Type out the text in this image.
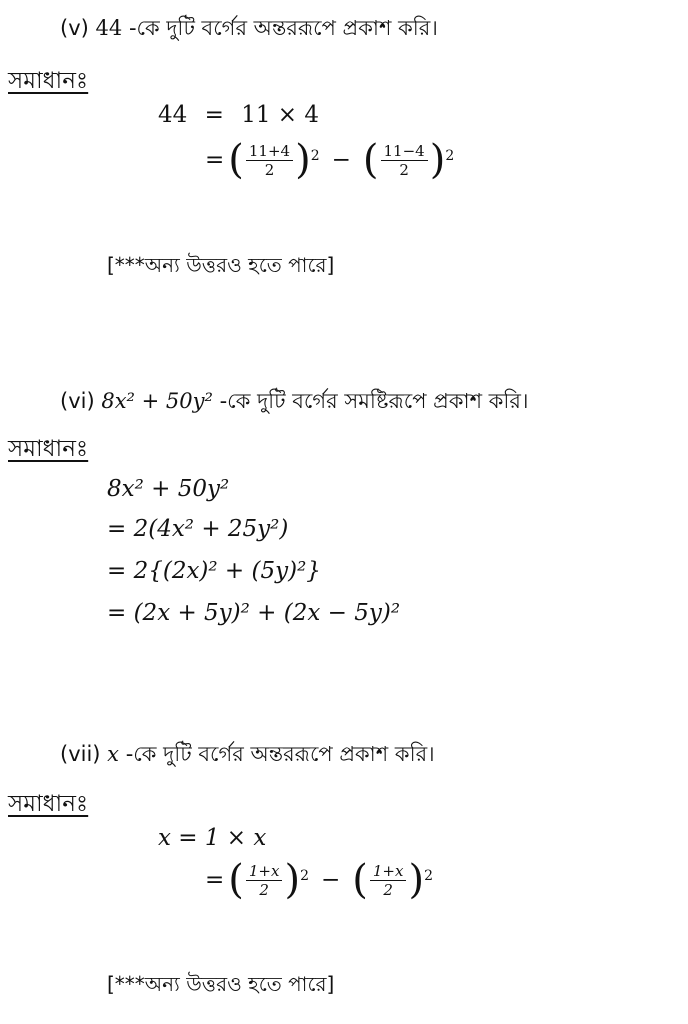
(v) 44 -কে দুটি বর্গের অন্তররূপে প্রকাশ করি।
সমাধানঃ
44 = 11 × 4
= ( $\frac{11+4}{2} )^2$ − ( $\frac{11-4}{2} )^2$
[***অন্য উত্তরও হতে পারে]
(vi) 8x² + 50y² -কে দুটি বর্গের সমষ্টিরূপে প্রকাশ করি।
সমাধানঃ
8x² + 50y²
= 2(4x² + 25y²)
= 2{(2x)² + (5y)²}
= (2x + 5y)² + (2x − 5y)²
(vii) x -কে দুটি বর্গের অন্তররূপে প্রকাশ করি।
সমাধানঃ
x = 1 × x
= ( $\frac{1+x}{2} )^2$ − ( $\frac{1+x}{2} )^2$
[***অন্য উত্তরও হতে পারে]
